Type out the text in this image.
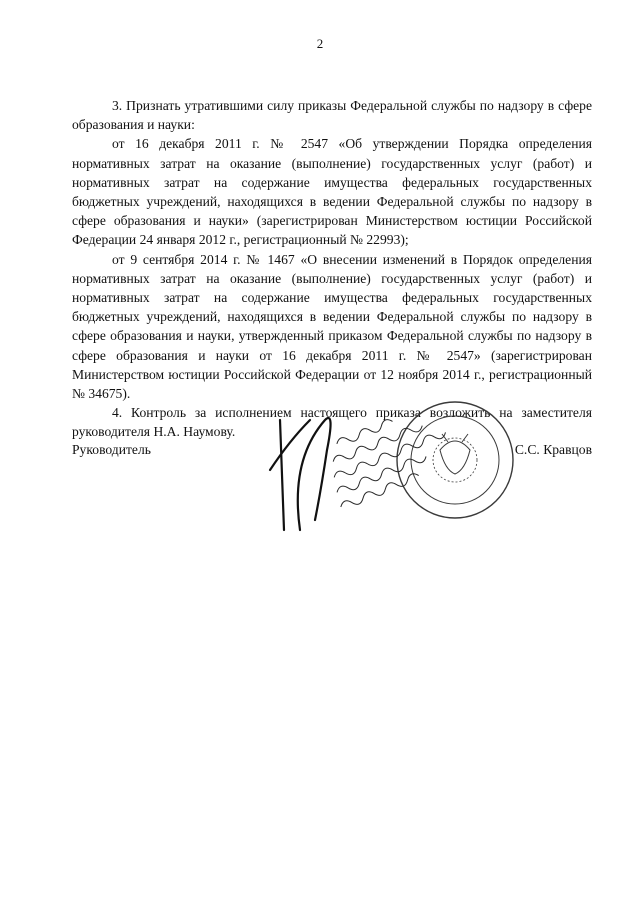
2

3. Признать утратившими силу приказы Федеральной службы по надзору в сфере образования и науки:

от 16 декабря 2011 г. № 2547 «Об утверждении Порядка определения нормативных затрат на оказание (выполнение) государственных услуг (работ) и нормативных затрат на содержание имущества федеральных государственных бюджетных учреждений, находящихся в ведении Федеральной службы по надзору в сфере образования и науки» (зарегистрирован Министерством юстиции Российской Федерации 24 января 2012 г., регистрационный № 22993);

от 9 сентября 2014 г. № 1467 «О внесении изменений в Порядок определения нормативных затрат на оказание (выполнение) государственных услуг (работ) и нормативных затрат на содержание имущества федеральных государственных бюджетных учреждений, находящихся в ведении Федеральной службы по надзору в сфере образования и науки, утвержденный приказом Федеральной службы по надзору в сфере образования и науки от 16 декабря 2011 г. № 2547» (зарегистрирован Министерством юстиции Российской Федерации от 12 ноября 2014 г., регистрационный № 34675).

4. Контроль за исполнением настоящего приказа возложить на заместителя руководителя Н.А. Наумову.

Руководитель	С.С. Кравцов
